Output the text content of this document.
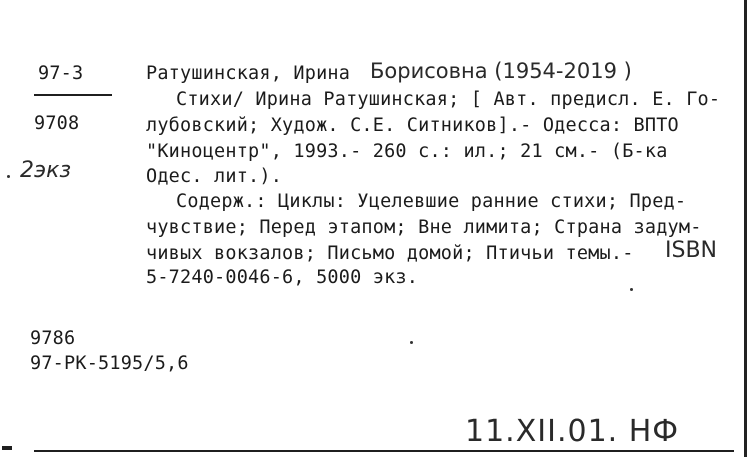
97-3
9708
2экз
Ратушинская, Ирина Борисовна (1954-2019 )
Стихи/ Ирина Ратушинская; [ Авт. предисл. Е. Го-
лубовский; Худож. С.Е. Ситников].- Одесса: ВПТО
"Киноцентр", 1993.- 260 с.: ил.; 21 см.- (Б-ка
Одес. лит.).
Содерж.: Циклы: Уцелевшие ранние стихи; Пред-
чувствие; Перед этапом; Вне лимита; Страна задум-
чивых вокзалов; Письмо домой; Птичьи темы.- ISBN
5-7240-0046-6, 5000 экз.
9786
97-РК-5195/5,6
11.XII.01. НФ
